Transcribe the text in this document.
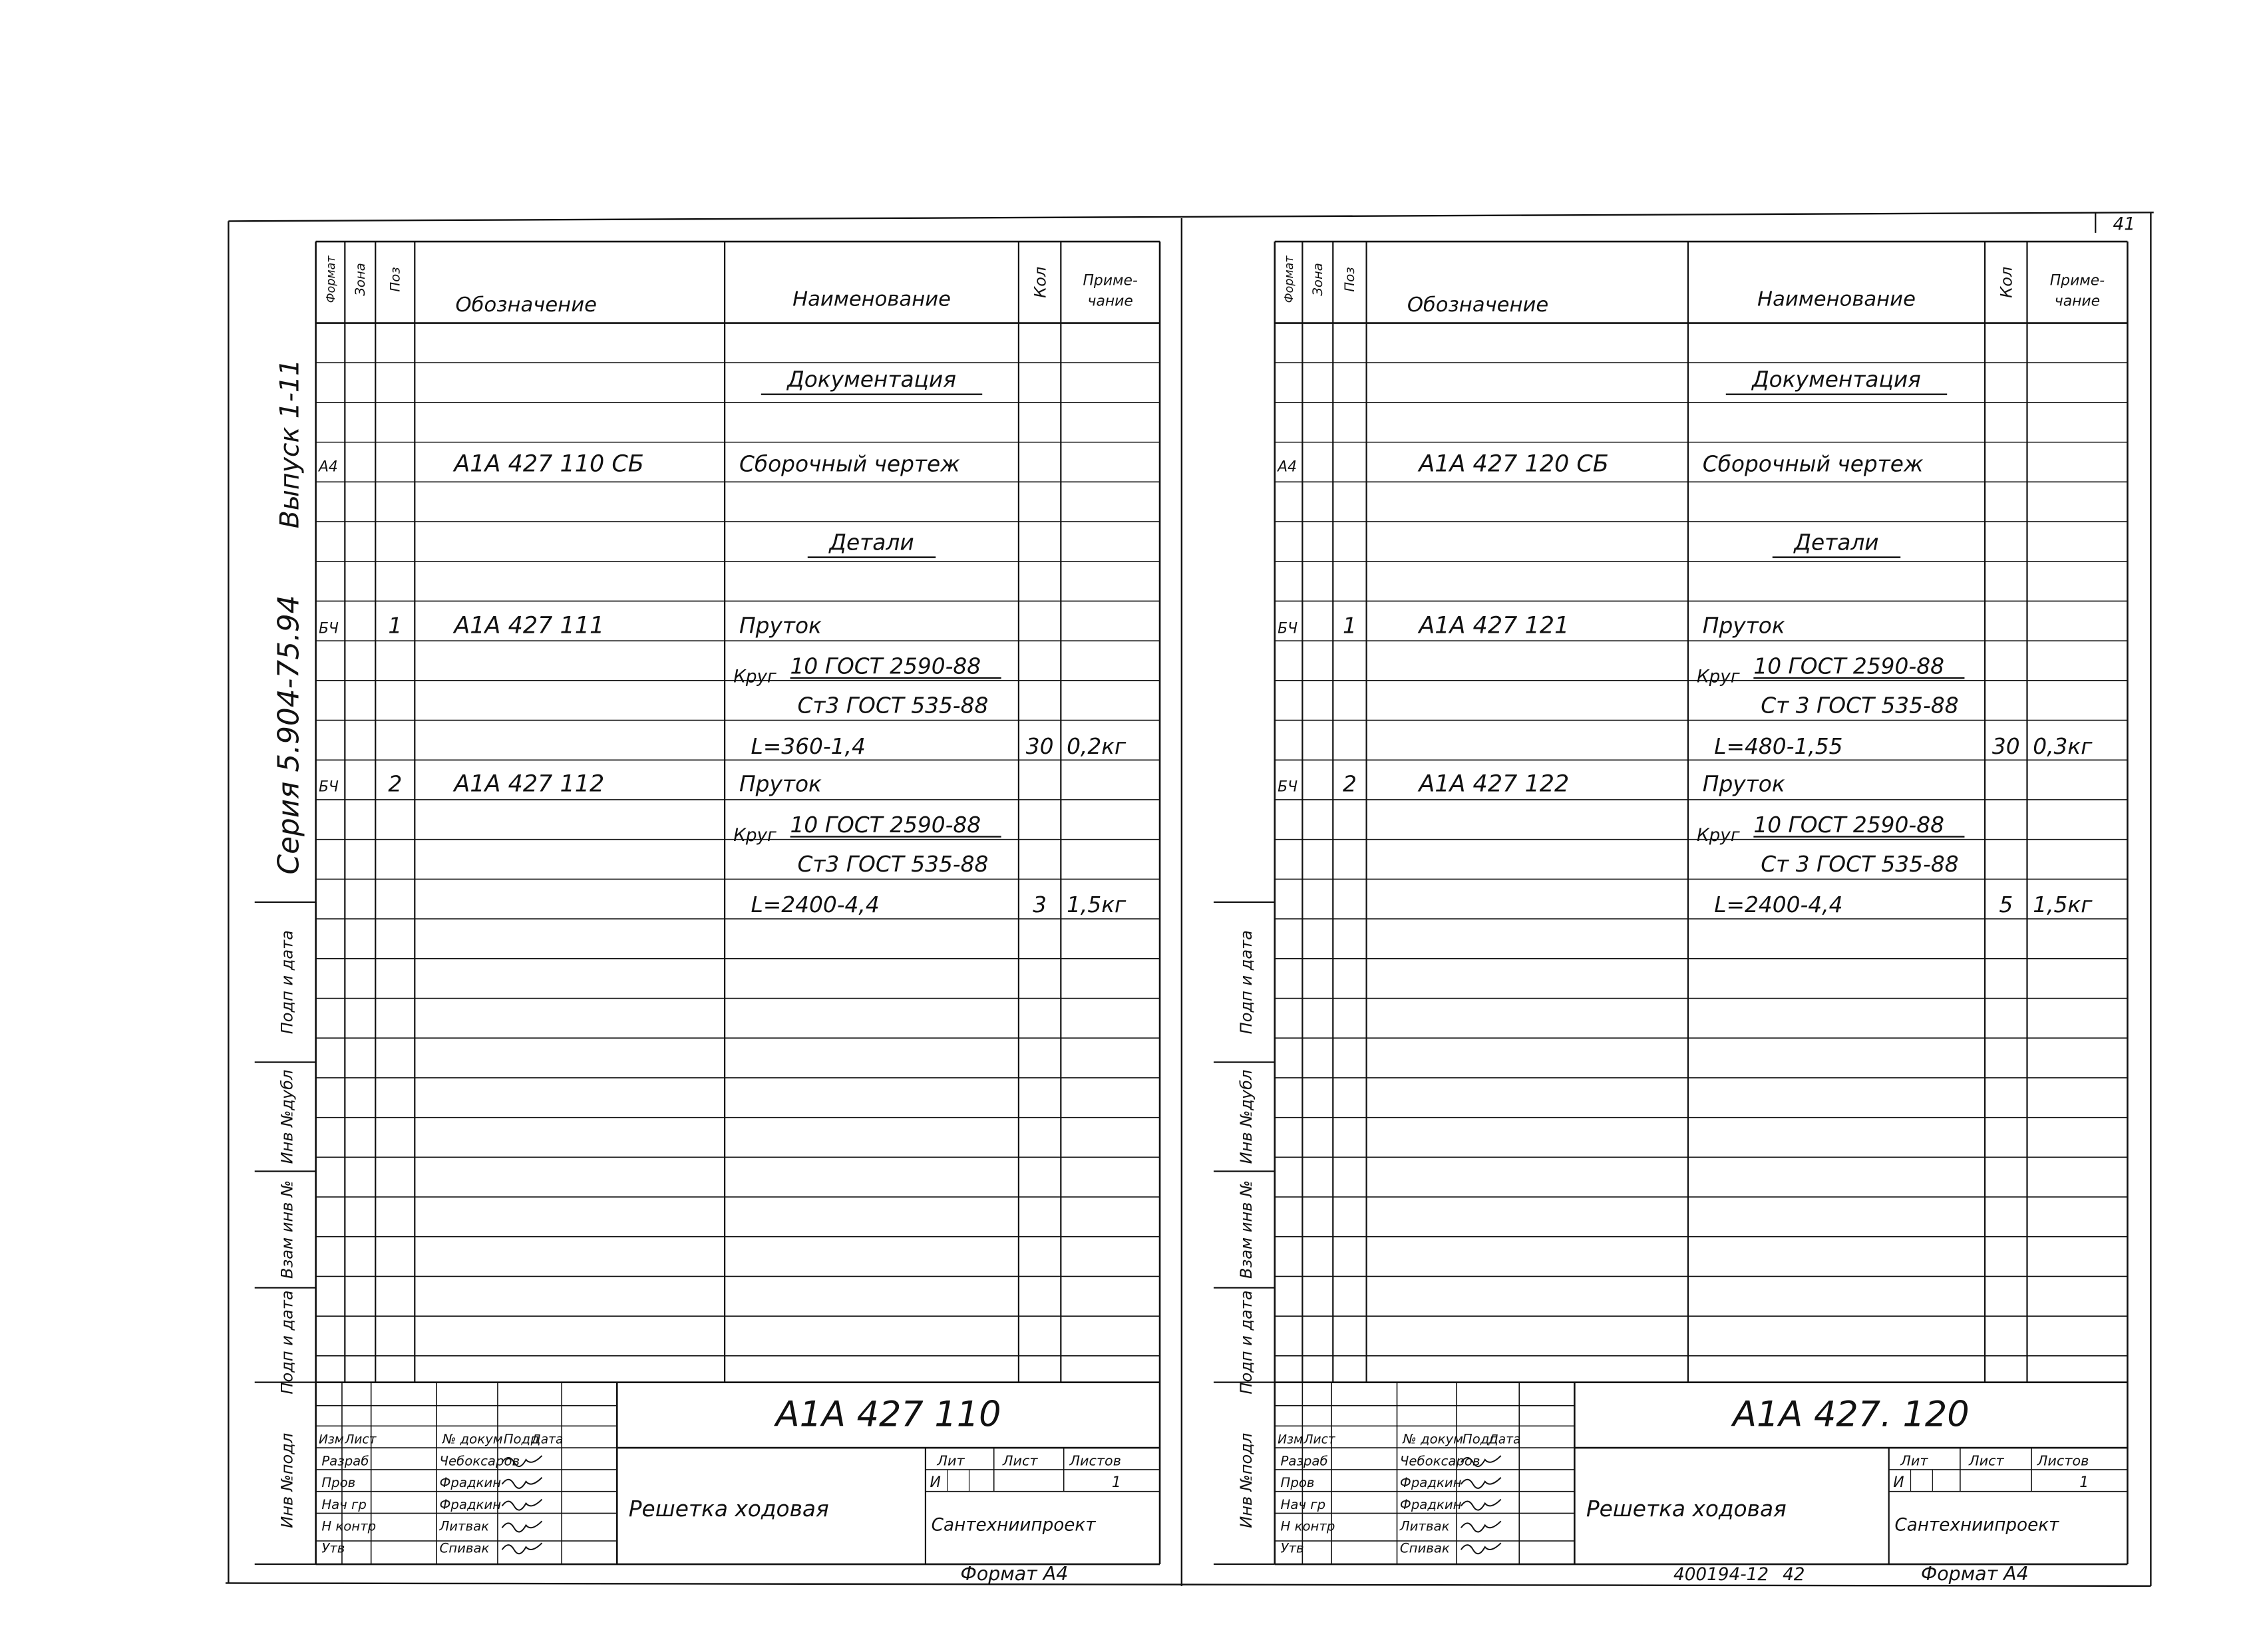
Формат Зона Поз
Обозначение	Наименование
Кол Приме-
чание
Документация
А4	А1А 427 110 СБ	Сборочный чертеж
Детали
БЧ 1 А1А 427 111	Пруток
Круг 10 ГОСТ 2590-88
Ст3 ГОСТ 535-88
L=360-1,4	30 0,2кг
БЧ 2 А1А 427 112	Пруток
Круг 10 ГОСТ 2590-88
Ст3 ГОСТ 535-88
L=2400-4,4	3 1,5кг
Изм Лист	№ докум Подп
Дата
Разраб	Чебоксаров
Пров	Фрадкин
Нач гр	Фрадкин
Н контр	Литвак
Утв	Спивак
А1А 427 110
Решетка ходовая
Лит	Лист Листов
И	1
Сантехниипроект
Формат А4
Подп и дата
Инв №дубл
Взам инв №
Подп и дата
Инв №подл
Формат Зона Поз
Обозначение	Наименование
Кол Приме-
чание
Документация
А4	А1А 427 120 СБ	Сборочный чертеж
Детали
БЧ 1	А1А 427 121	Пруток
Круг 10 ГОСТ 2590-88
Ст 3 ГОСТ 535-88
L=480-1,55	30 0,3кг
БЧ 2	А1А 427 122	Пруток
Круг 10 ГОСТ 2590-88
Ст 3 ГОСТ 535-88
L=2400-4,4	5 1,5кг
Изм Лист	№ докум
Подп
Дата
Разраб	Чебоксаров
Пров	Фрадкин
Нач гр	Фрадкин
Н контр	Литвак
Утв	Спивак
А1А 427. 120
Решетка ходовая
Лит	Лист Листов
И	1
Сантехниипроект
Формат А4
400194-12 42
Подп и дата
Инв №дубл
Взам инв №
Подп и дата
Инв №подл
Серия 5.904-75.94
Выпуск 1-11
41
